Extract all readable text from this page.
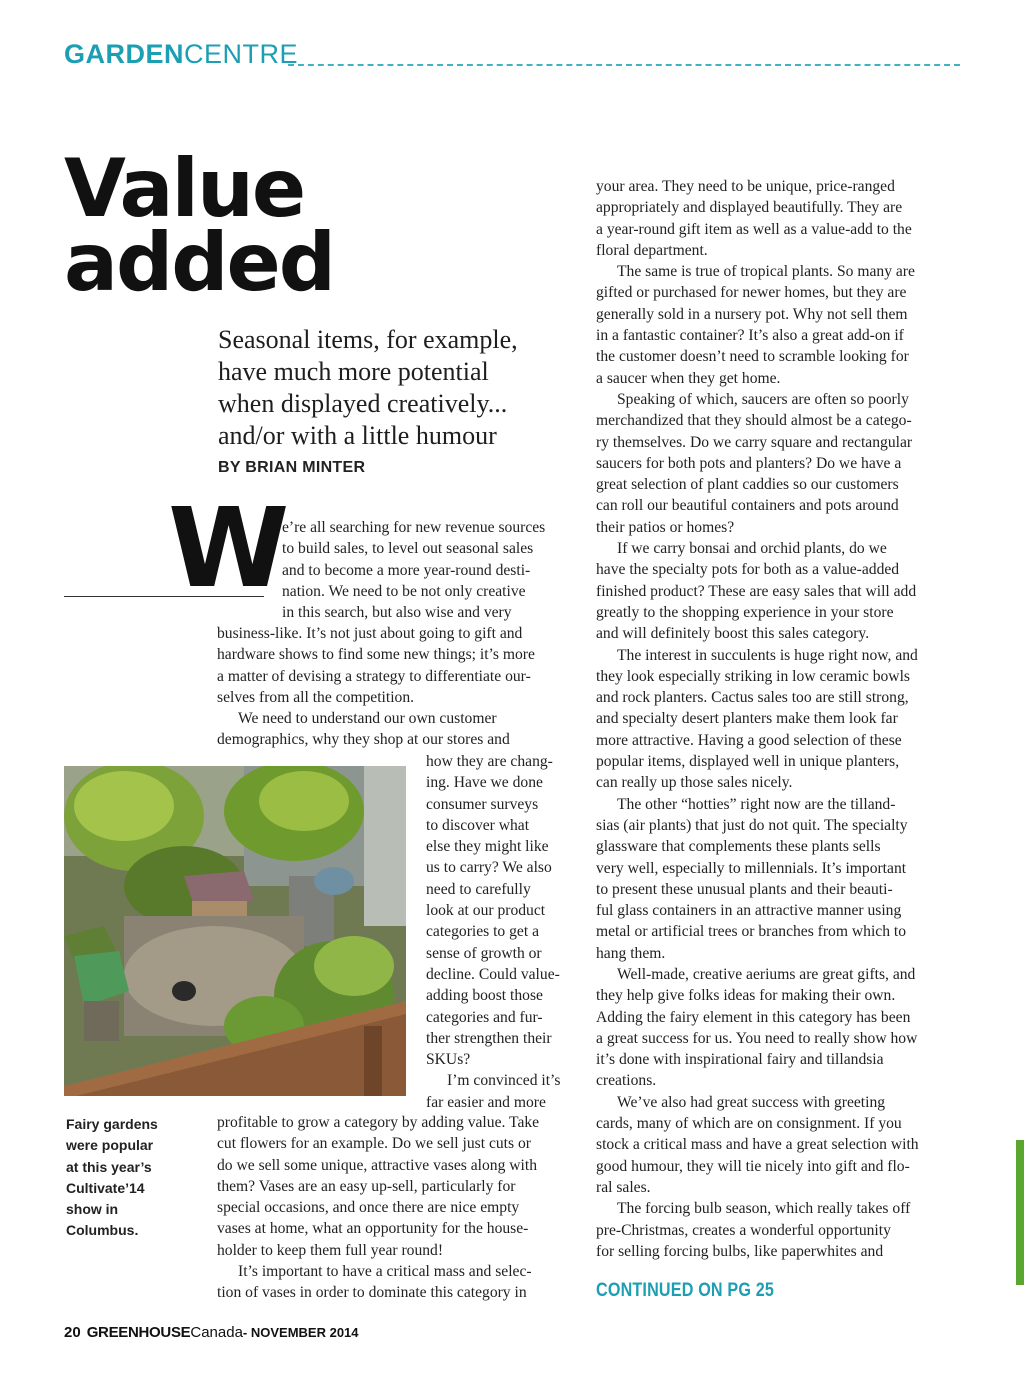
GARDENCENTRE
Value
added
Seasonal items, for example,
have much more potential
when displayed creatively...
and/or with a little humour
BY BRIAN MINTER
W
e’re all searching for new revenue sources
to build sales, to level out seasonal sales
and to become a more year-round desti-
nation. We need to be not only creative
in this search, but also wise and very
business-like. It’s not just about going to gift and
hardware shows to find some new things; it’s more
a matter of devising a strategy to differentiate our-
selves from all the competition.
We need to understand our own customer
demographics, why they shop at our stores and
how they are chang-
ing. Have we done
consumer surveys
to discover what
else they might like
us to carry? We also
need to carefully
look at our product
categories to get a
sense of growth or
decline. Could value-
adding boost those
categories and fur-
ther strengthen their
SKUs?
I’m convinced it’s
far easier and more
Fairy gardens
were popular
at this year’s
Cultivate’14
show in
Columbus.
profitable to grow a category by adding value. Take
cut flowers for an example. Do we sell just cuts or
do we sell some unique, attractive vases along with
them? Vases are an easy up-sell, particularly for
special occasions, and once there are nice empty
vases at home, what an opportunity for the house-
holder to keep them full year round!
It’s important to have a critical mass and selec-
tion of vases in order to dominate this category in
your area. They need to be unique, price-ranged
appropriately and displayed beautifully. They are
a year-round gift item as well as a value-add to the
floral department.
The same is true of tropical plants. So many are
gifted or purchased for newer homes, but they are
generally sold in a nursery pot. Why not sell them
in a fantastic container? It’s also a great add-on if
the customer doesn’t need to scramble looking for
a saucer when they get home.
Speaking of which, saucers are often so poorly
merchandized that they should almost be a catego-
ry themselves. Do we carry square and rectangular
saucers for both pots and planters? Do we have a
great selection of plant caddies so our customers
can roll our beautiful containers and pots around
their patios or homes?
If we carry bonsai and orchid plants, do we
have the specialty pots for both as a value-added
finished product? These are easy sales that will add
greatly to the shopping experience in your store
and will definitely boost this sales category.
The interest in succulents is huge right now, and
they look especially striking in low ceramic bowls
and rock planters. Cactus sales too are still strong,
and specialty desert planters make them look far
more attractive. Having a good selection of these
popular items, displayed well in unique planters,
can really up those sales nicely.
The other “hotties” right now are the tilland-
sias (air plants) that just do not quit. The specialty
glassware that complements these plants sells
very well, especially to millennials. It’s important
to present these unusual plants and their beauti-
ful glass containers in an attractive manner using
metal or artificial trees or branches from which to
hang them.
Well-made, creative aeriums are great gifts, and
they help give folks ideas for making their own.
Adding the fairy element in this category has been
a great success for us. You need to really show how
it’s done with inspirational fairy and tillandsia
creations.
We’ve also had great success with greeting
cards, many of which are on consignment. If you
stock a critical mass and have a great selection with
good humour, they will tie nicely into gift and flo-
ral sales.
The forcing bulb season, which really takes off
pre-Christmas, creates a wonderful opportunity
for selling forcing bulbs, like paperwhites and
CONTINUED ON PG 25
20 GREENHOUSECanada- NOVEMBER 2014
